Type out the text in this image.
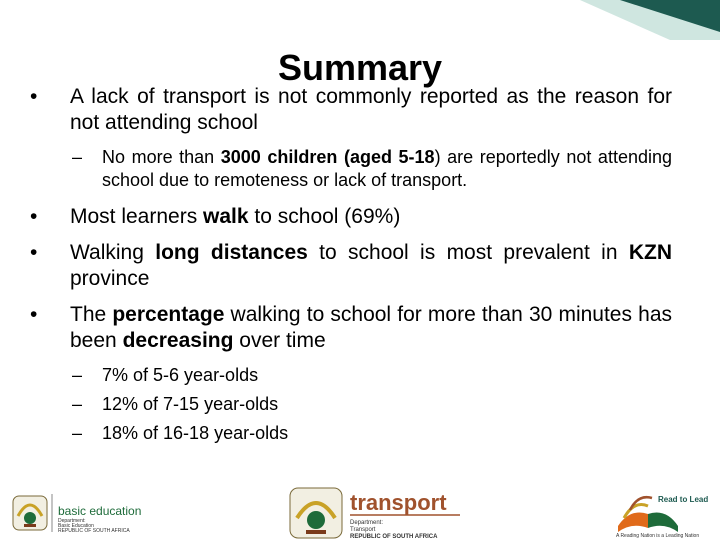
Summary

• A lack of transport is not commonly reported as the reason for not attending school

– No more than 3000 children (aged 5-18) are reportedly not attending school due to remoteness or lack of transport.

• Most learners walk to school (69%)

• Walking long distances to school is most prevalent in KZN province

• The percentage walking to school for more than 30 minutes has been decreasing over time

– 7% of 5-6 year-olds

– 12% of 7-15 year-olds

– 18% of 16-18 year-olds

basic education
Department:
Basic Education
REPUBLIC OF SOUTH AFRICA
transport
Department:
Transport
REPUBLIC OF SOUTH AFRICA
Read to Lead
A Reading Nation is a Leading Nation
